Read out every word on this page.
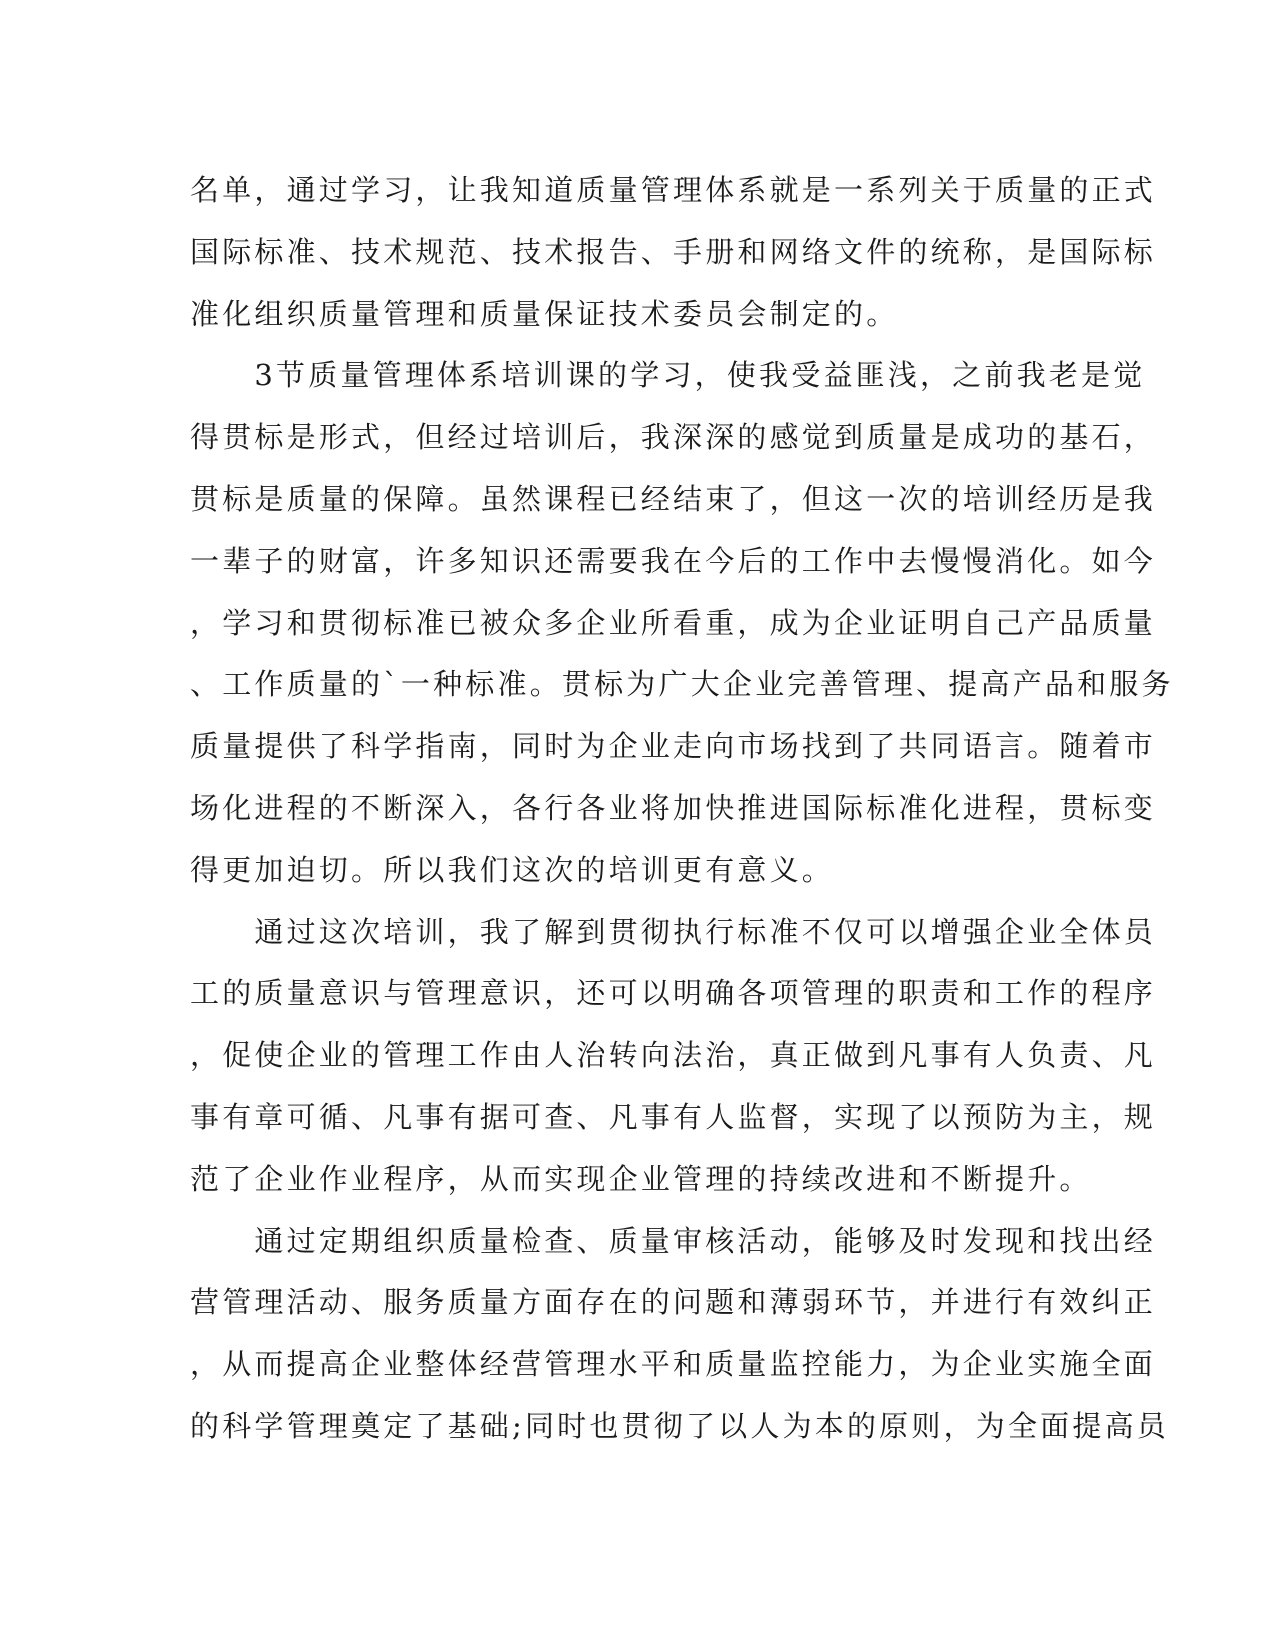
名单，通过学习，让我知道质量管理体系就是一系列关于质量的正式
国际标准、技术规范、技术报告、手册和网络文件的统称，是国际标
准化组织质量管理和质量保证技术委员会制定的。

　　3节质量管理体系培训课的学习，使我受益匪浅，之前我老是觉
得贯标是形式，但经过培训后，我深深的感觉到质量是成功的基石，
贯标是质量的保障。虽然课程已经结束了，但这一次的培训经历是我
一辈子的财富，许多知识还需要我在今后的工作中去慢慢消化。如今
，学习和贯彻标准已被众多企业所看重，成为企业证明自己产品质量
、工作质量的`一种标准。贯标为广大企业完善管理、提高产品和服务
质量提供了科学指南，同时为企业走向市场找到了共同语言。随着市
场化进程的不断深入，各行各业将加快推进国际标准化进程，贯标变
得更加迫切。所以我们这次的培训更有意义。

　　通过这次培训，我了解到贯彻执行标准不仅可以增强企业全体员
工的质量意识与管理意识，还可以明确各项管理的职责和工作的程序
，促使企业的管理工作由人治转向法治，真正做到凡事有人负责、凡
事有章可循、凡事有据可查、凡事有人监督，实现了以预防为主，规
范了企业作业程序，从而实现企业管理的持续改进和不断提升。

　　通过定期组织质量检查、质量审核活动，能够及时发现和找出经
营管理活动、服务质量方面存在的问题和薄弱环节，并进行有效纠正
，从而提高企业整体经营管理水平和质量监控能力，为企业实施全面
的科学管理奠定了基础;同时也贯彻了以人为本的原则，为全面提高员
